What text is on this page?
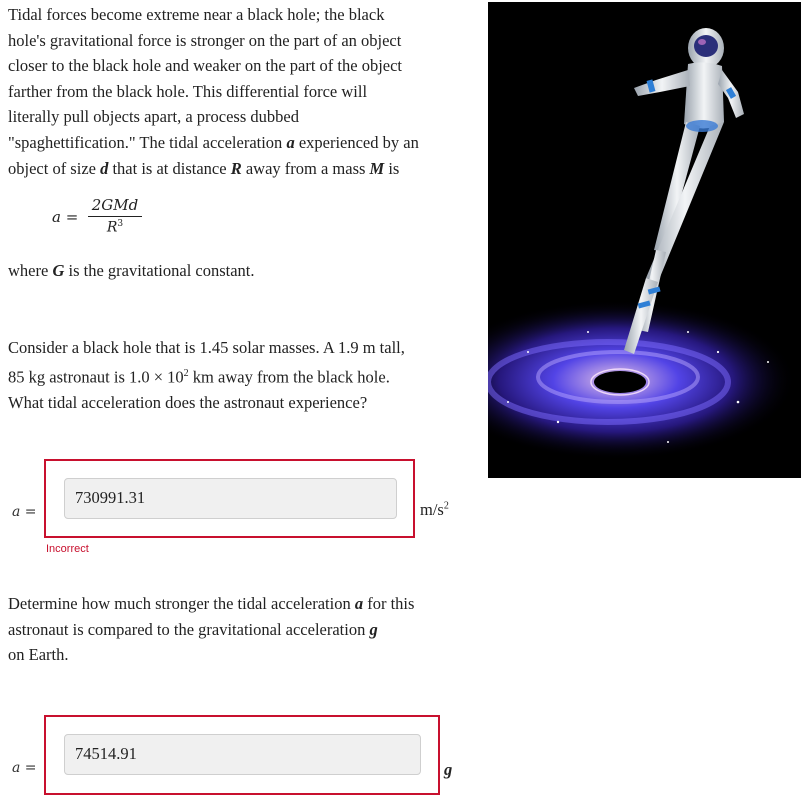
Tidal forces become extreme near a black hole; the black
hole's gravitational force is stronger on the part of an object
closer to the black hole and weaker on the part of the object
farther from the black hole. This differential force will
literally pull objects apart, a process dubbed
"spaghettification." The tidal acceleration a experienced by an
object of size d that is at distance R away from a mass M is
a =
2GMd
$R^3$
where G is the gravitational constant.
Consider a black hole that is 1.45 solar masses. A 1.9 m tall,
85 kg astronaut is $1.0 \times 10^2$ km away from the black hole.
What tidal acceleration does the astronaut experience?
a =
730991.31
$m/s^2$
Incorrect
Determine how much stronger the tidal acceleration a for this
astronaut is compared to the gravitational acceleration g
on Earth.
a =
74514.91
g
